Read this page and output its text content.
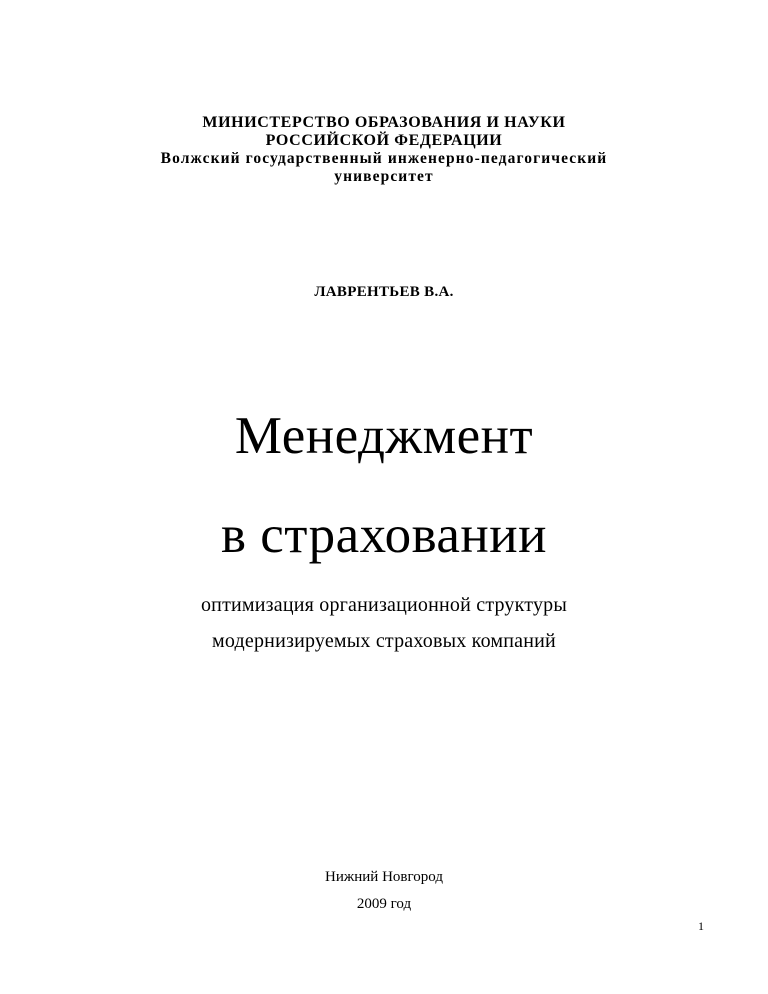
МИНИСТЕРСТВО ОБРАЗОВАНИЯ И НАУКИ
РОССИЙСКОЙ ФЕДЕРАЦИИ
Волжский государственный инженерно-педагогический
университет
ЛАВРЕНТЬЕВ В.А.
Менеджмент
в страховании
оптимизация организационной структуры
модернизируемых страховых компаний
Нижний Новгород
2009 год
1
